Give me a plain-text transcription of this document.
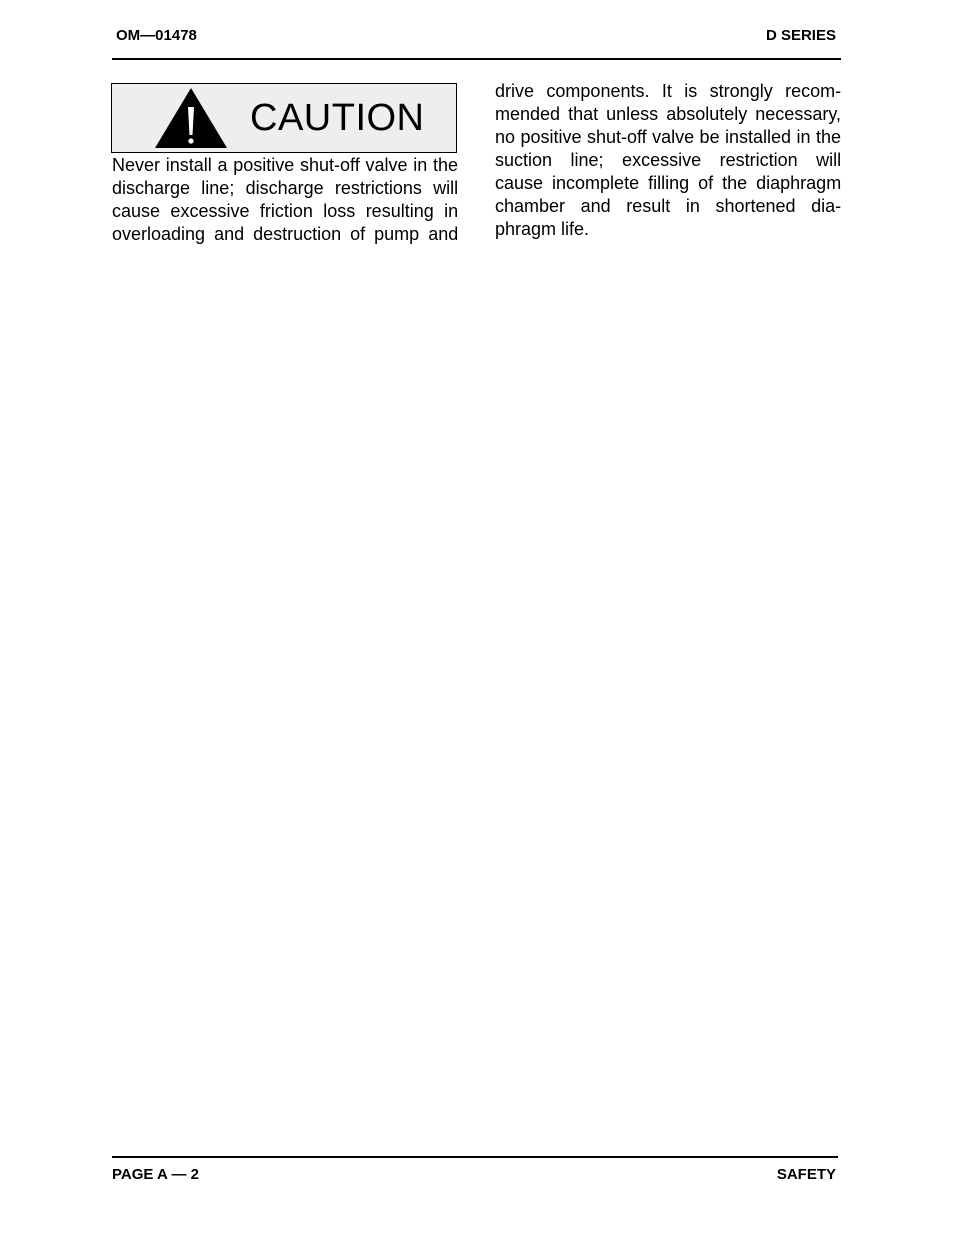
OM—01478	D SERIES
CAUTION
Never install a positive shut-off valve in the
discharge line; discharge restrictions will
cause excessive friction loss resulting in
overloading and destruction of pump and
drive components. It is strongly recom-
mended that unless absolutely necessary,
no positive shut-off valve be installed in the
suction line; excessive restriction will
cause incomplete filling of the diaphragm
chamber and result in shortened dia-
phragm life.
PAGE A — 2	SAFETY
